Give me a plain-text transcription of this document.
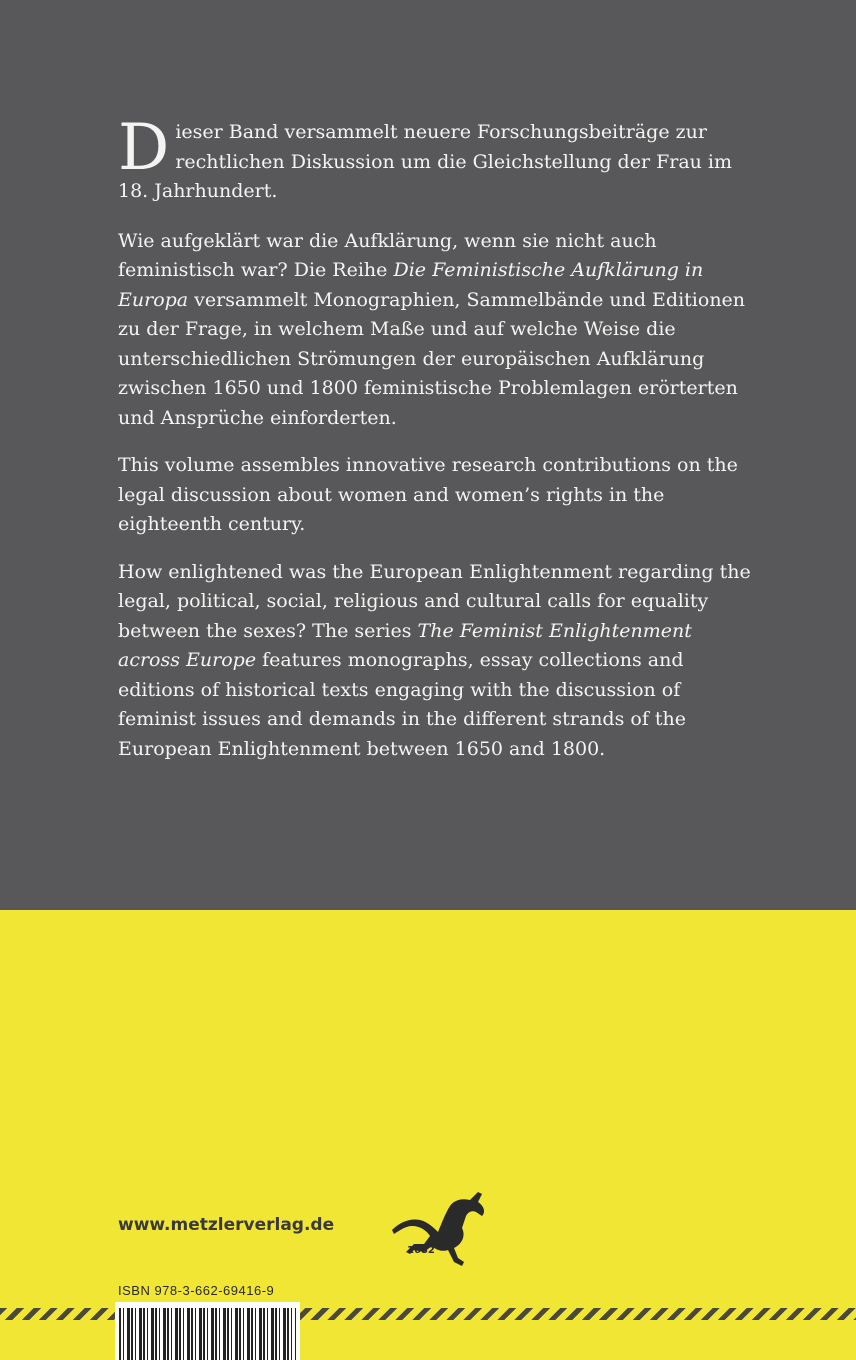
Dieser Band versammelt neuere Forschungsbeiträge zur rechtlichen Diskussion um die Gleichstellung der Frau im 18. Jahrhundert.

Wie aufgeklärt war die Aufklärung, wenn sie nicht auch feministisch war? Die Reihe Die Feministische Aufklärung in Europa versammelt Monographien, Sammelbände und Editionen zu der Frage, in welchem Maße und auf welche Weise die unterschiedlichen Strömungen der europäischen Aufklärung zwischen 1650 und 1800 feministische Problemlagen erörterten und Ansprüche einforderten.

This volume assembles innovative research contributions on the legal discussion about women and women’s rights in the eighteenth century.

How enlightened was the European Enlightenment regarding the legal, political, social, religious and cultural calls for equality between the sexes? The series The Feminist Enlightenment across Europe features monographs, essay collections and editions of historical texts engaging with the discussion of feminist issues and demands in the different strands of the European Enlightenment between 1650 and 1800.

www.metzlerverlag.de
1682
ISBN 978-3-662-69416-9
